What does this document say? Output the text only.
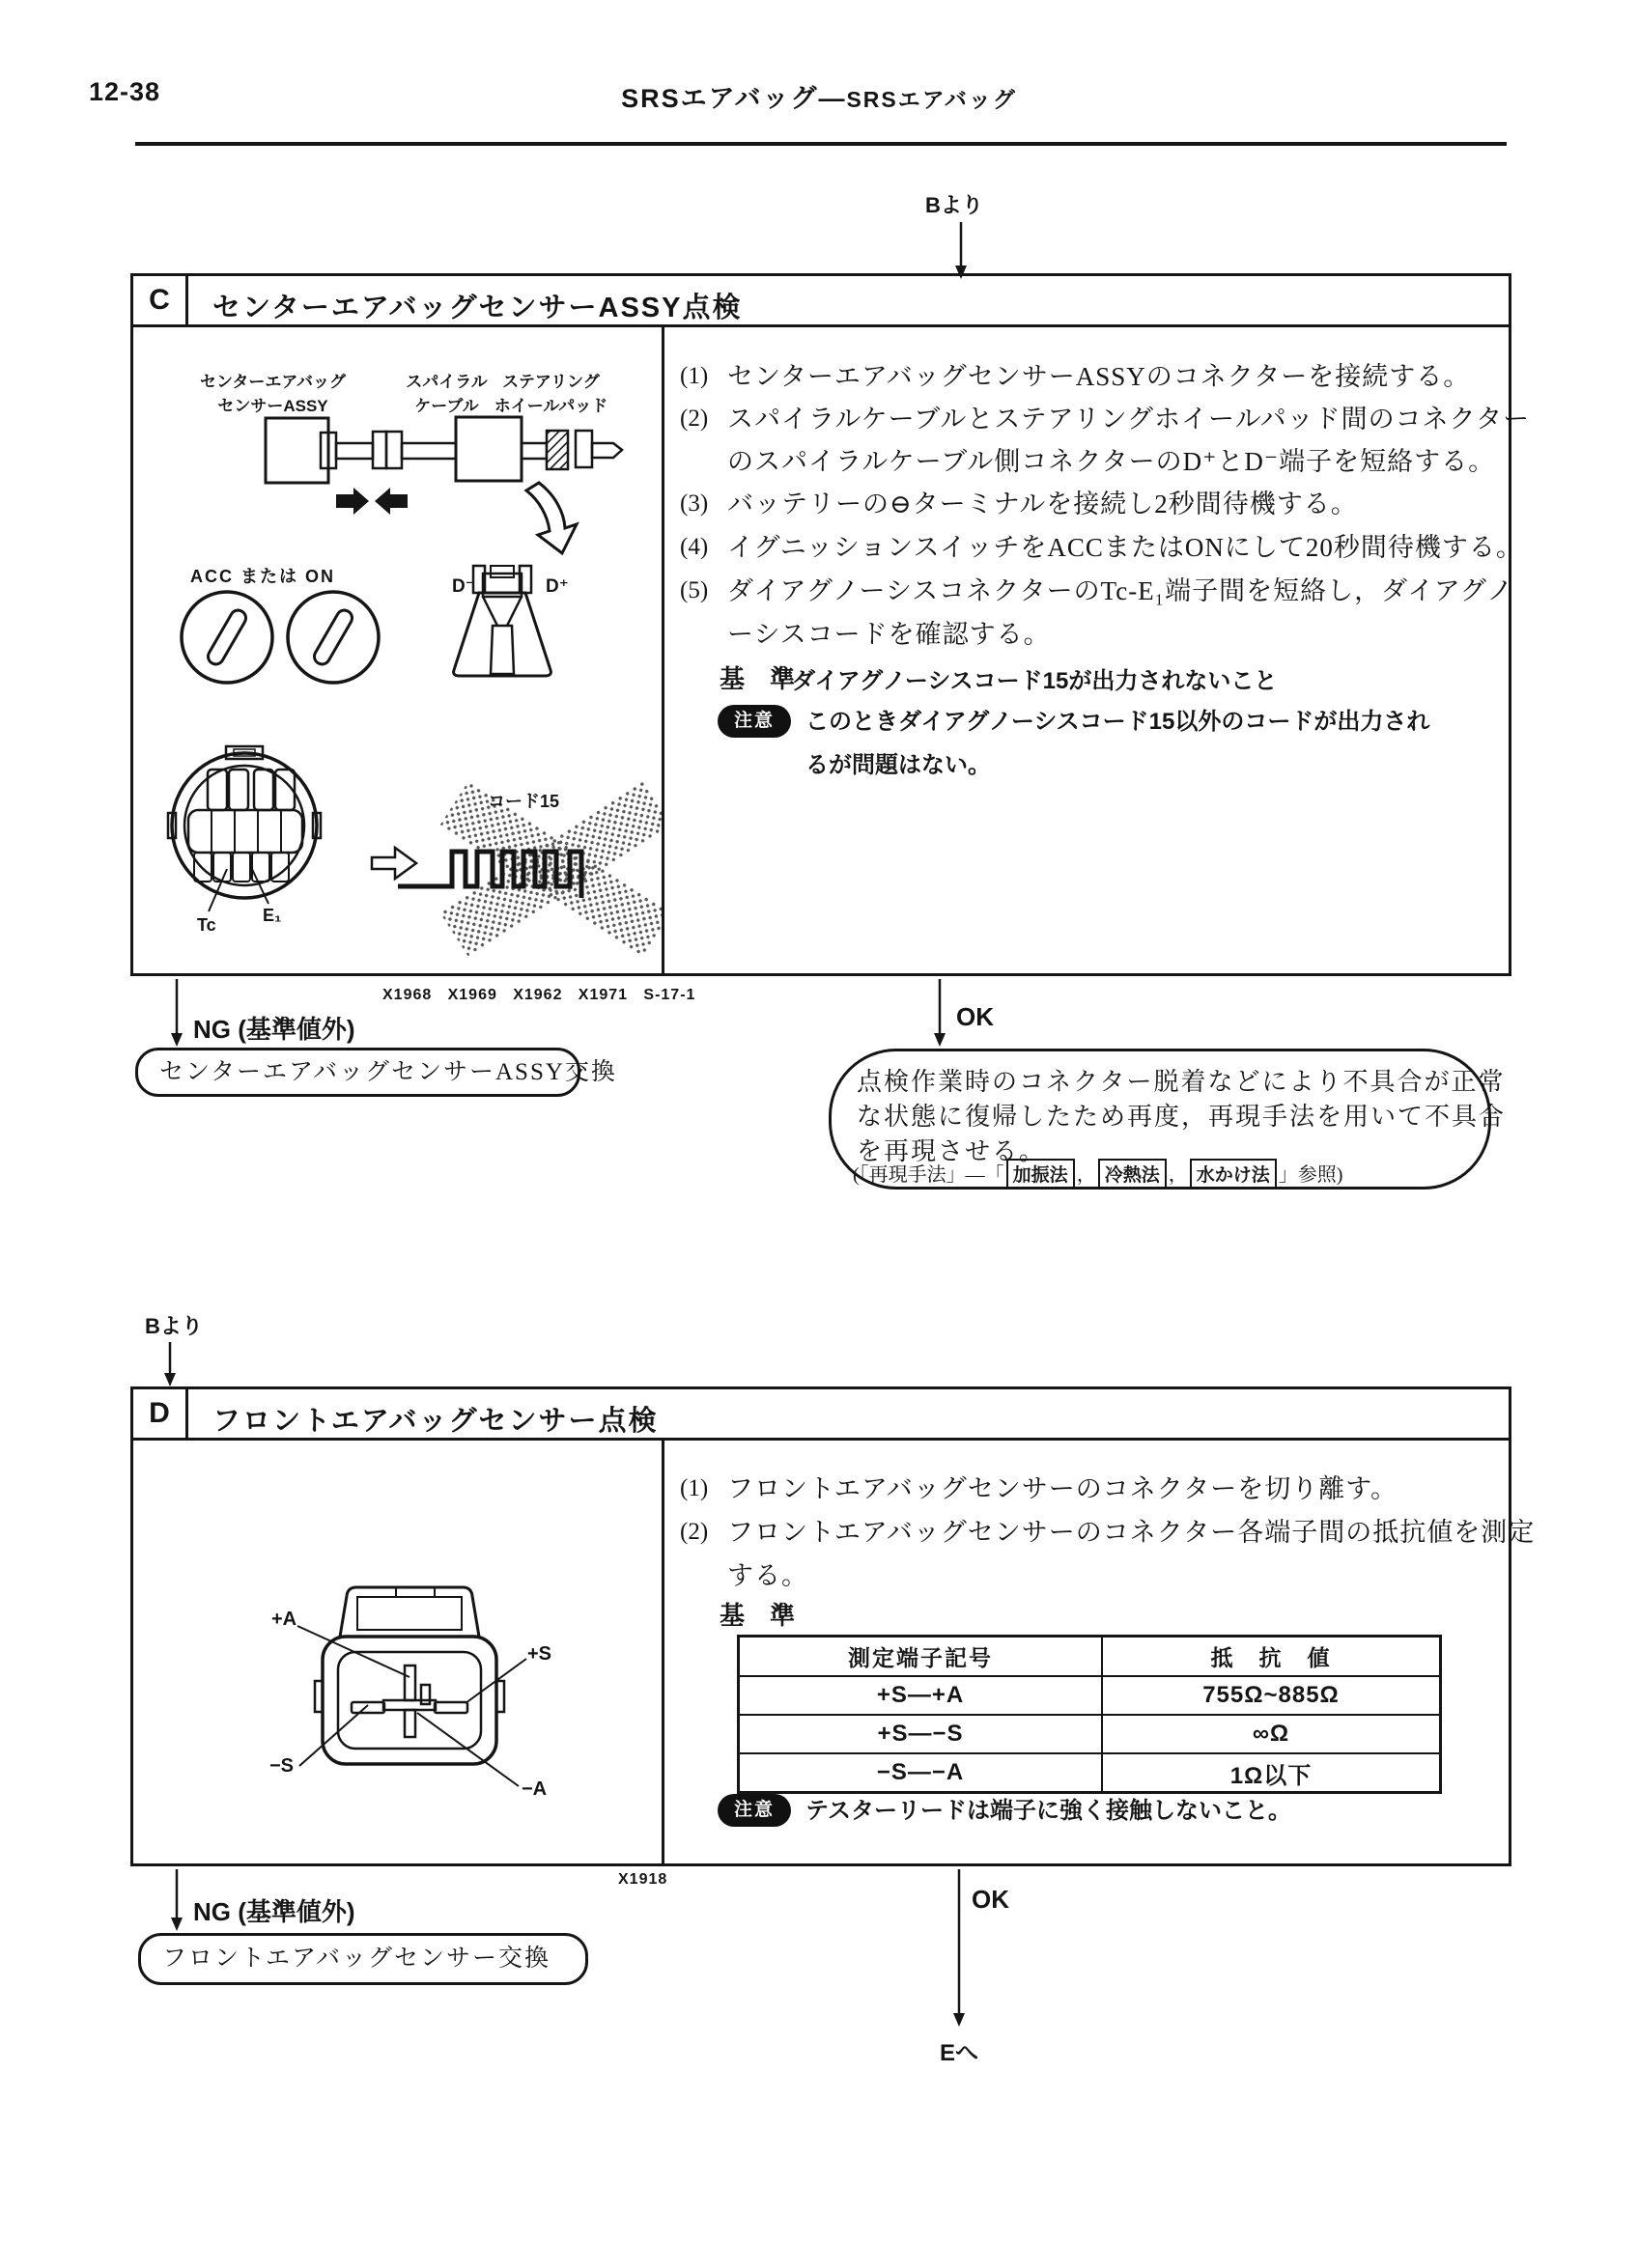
12-38	SRSエアバッグ—SRSエアバッグ
Bより
Bより
NG (基準値外)	OK
NG (基準値外)	OK
Eへ
C	センターエアバッグセンサーASSY点検
センターエアバッグ
センサーASSY
スパイラル
ケーブル
ステアリング
ホイールパッド
ACC または ON	D⁻	D⁺
Tc	E₁
コード15
X1968   X1969   X1962   X1971   S-17-1
(1) センターエアバッグセンサーASSYのコネクターを接続する。
(2) スパイラルケーブルとステアリングホイールパッド間のコネクター
のスパイラルケーブル側コネクターのD⁺とD⁻端子を短絡する。
(3) バッテリーの⊖ターミナルを接続し2秒間待機する。
(4) イグニッションスイッチをACCまたはONにして20秒間待機する。
(5) ダイアグノーシスコネクターのTc-E₁端子間を短絡し，ダイアグノ
ーシスコードを確認する。
基　準
ダイアグノーシスコード15が出力されないこと
注意	このときダイアグノーシスコード15以外のコードが出力され
るが問題はない。
センターエアバッグセンサーASSY交換	点検作業時のコネクター脱着などにより不具合が正常
な状態に復帰したため再度，再現手法を用いて不具合
を再現させる。
(「再現手法」—「 加振法 ， 冷熱法 ， 水かけ法 」参照)
D	フロントエアバッグセンサー点検
+A
+S
−S
−A
X1918
(1) フロントエアバッグセンサーのコネクターを切り離す。
(2) フロントエアバッグセンサーのコネクター各端子間の抵抗値を測定
する。
基　準
測定端子記号	抵　抗　値
+S—+A	755Ω~885Ω
+S—−S	∞Ω
−S—−A	1Ω以下
注意	テスターリードは端子に強く接触しないこと。
フロントエアバッグセンサー交換
